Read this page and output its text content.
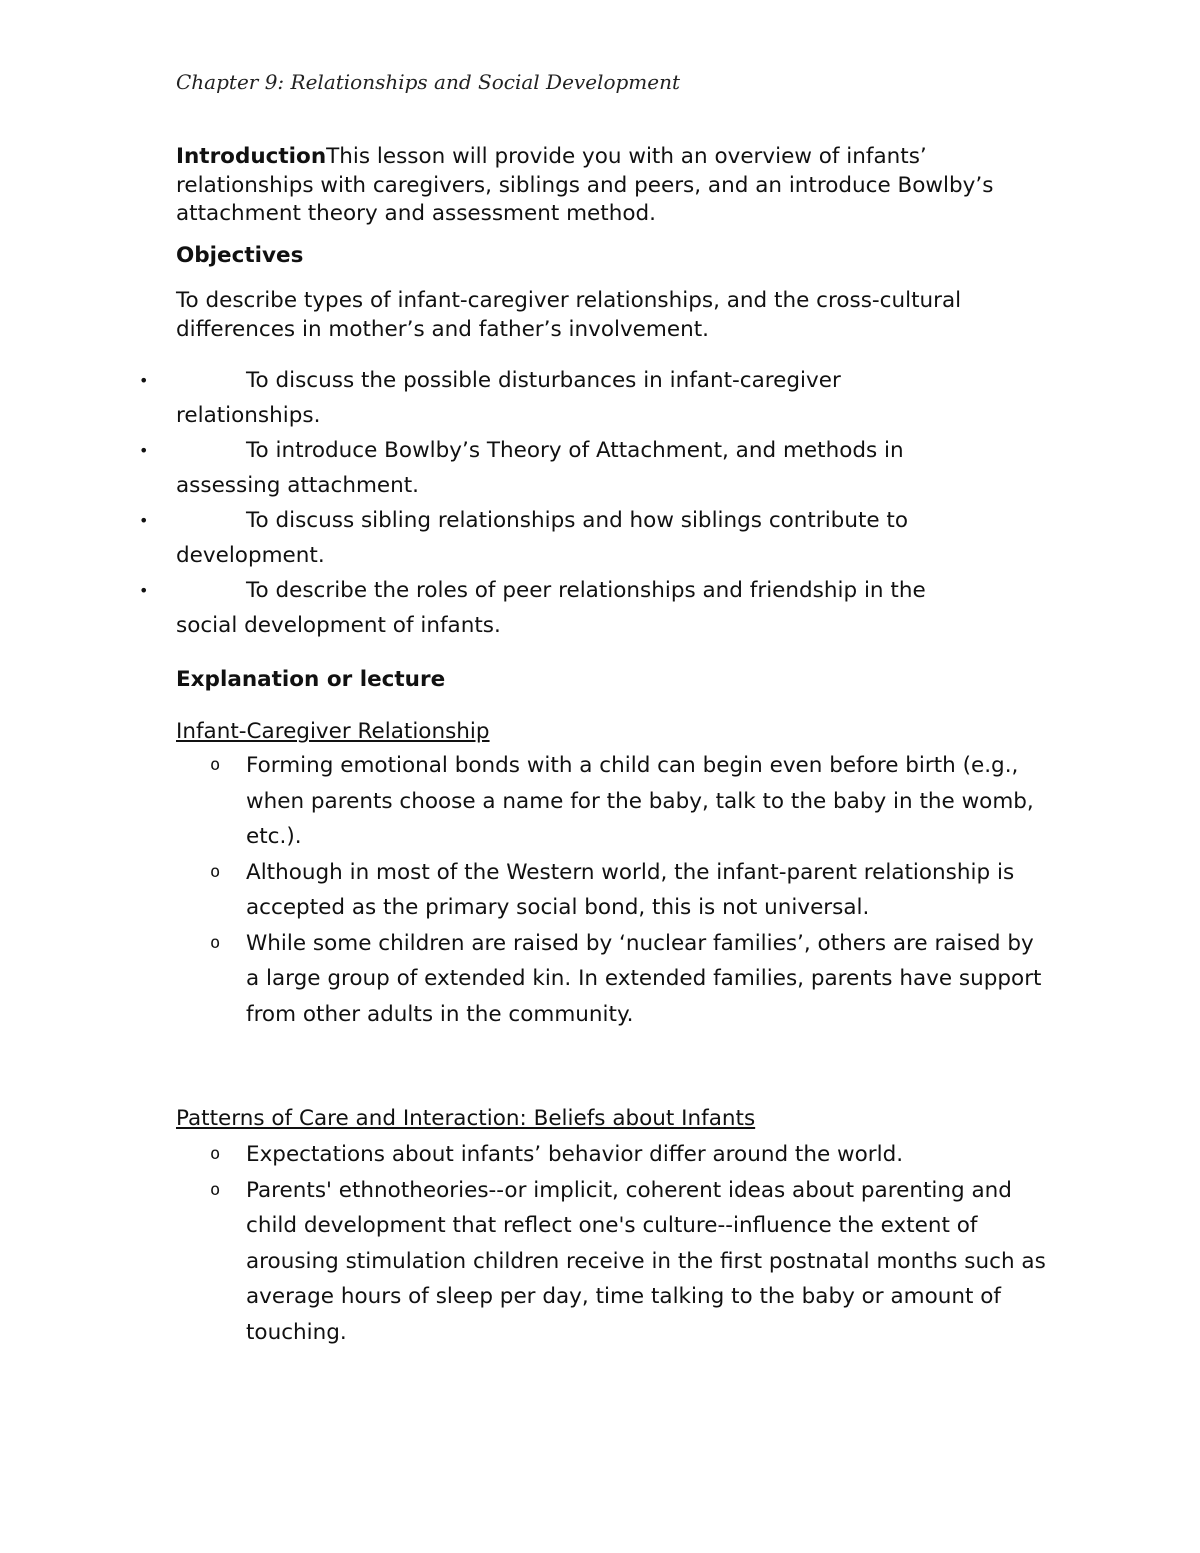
Chapter 9: Relationships and Social Development
IntroductionThis lesson will provide you with an overview of infants’ relationships with caregivers, siblings and peers, and an introduce Bowlby’s attachment theory and assessment method.
Objectives
To describe types of infant-caregiver relationships, and the cross-cultural differences in mother’s and father’s involvement.
•	To discuss the possible disturbances in infant-caregiver
relationships.
•	To introduce Bowlby’s Theory of Attachment, and methods in
assessing attachment.
•	To discuss sibling relationships and how siblings contribute to
development.
•	To describe the roles of peer relationships and friendship in the
social development of infants.
Explanation or lecture
Infant-Caregiver Relationship
o Forming emotional bonds with a child can begin even before birth (e.g., when parents choose a name for the baby, talk to the baby in the womb, etc.).
o Although in most of the Western world, the infant-parent relationship is accepted as the primary social bond, this is not universal.
o While some children are raised by ‘nuclear families’, others are raised by a large group of extended kin. In extended families, parents have support from other adults in the community.
Patterns of Care and Interaction: Beliefs about Infants
o Expectations about infants’ behavior differ around the world.
o Parents' ethnotheories--or implicit, coherent ideas about parenting and child development that reflect one's culture--influence the extent of arousing stimulation children receive in the first postnatal months such as average hours of sleep per day, time talking to the baby or amount of touching.
